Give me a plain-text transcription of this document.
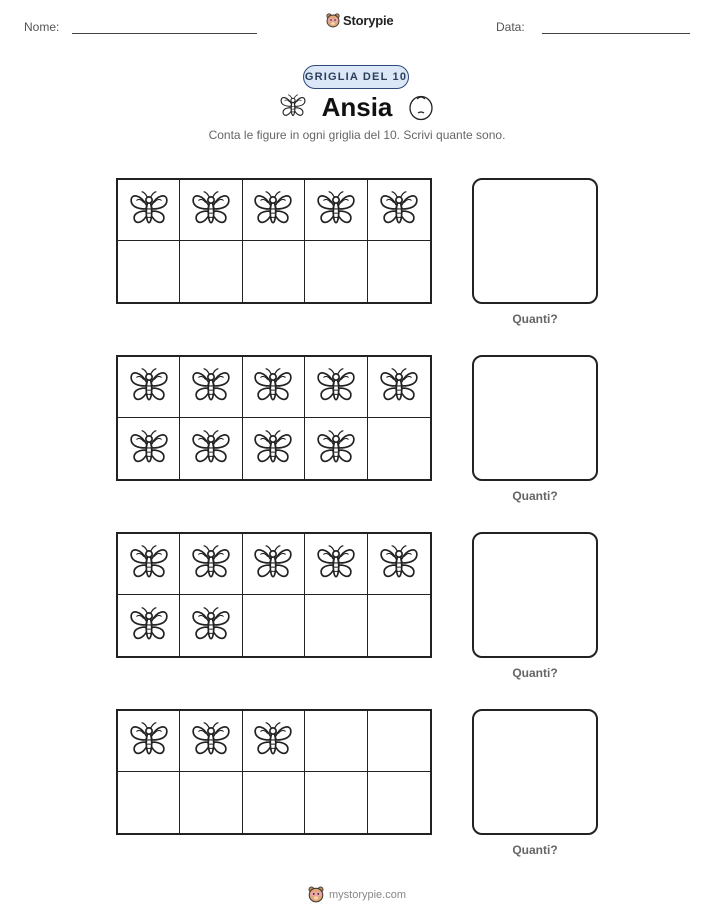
Nome:	Storypie	Data:
GRIGLIA DEL 10
Ansia
Conta le figure in ogni griglia del 10. Scrivi quante sono.
Quanti?
Quanti?
Quanti?
Quanti?
mystorypie.com
